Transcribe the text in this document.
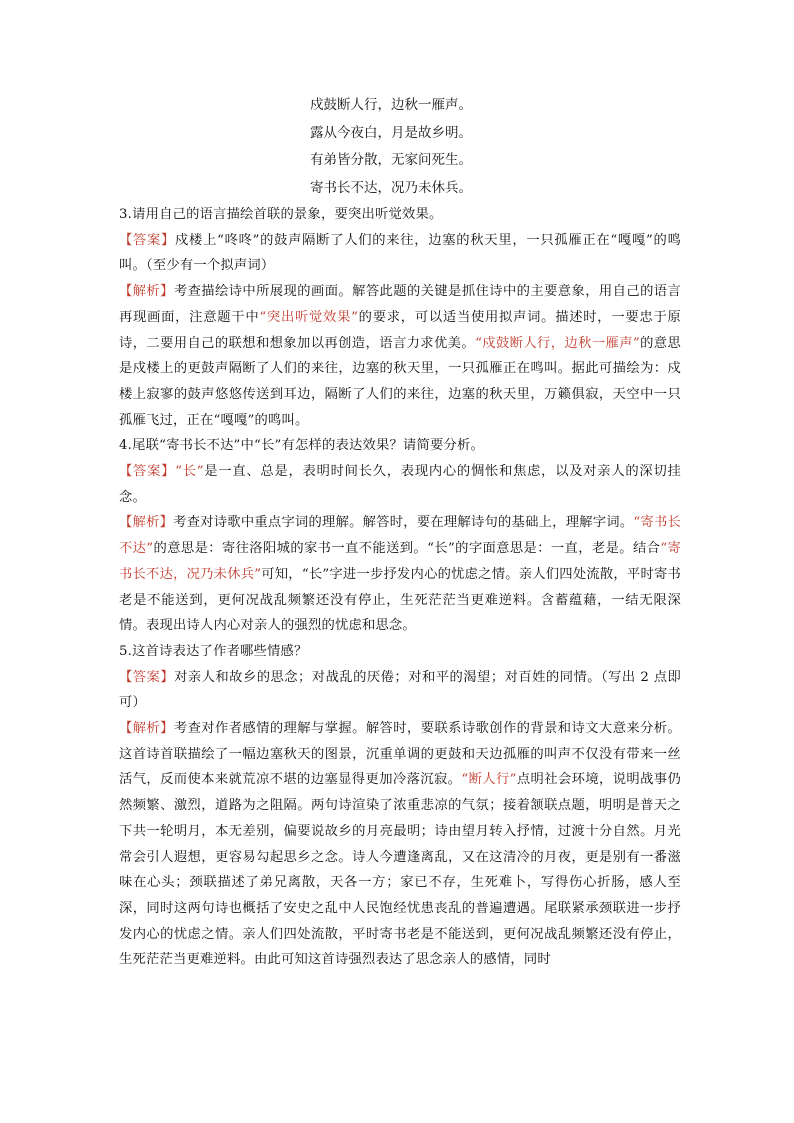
戍鼓断人行，边秋一雁声。
露从今夜白，月是故乡明。
有弟皆分散，无家问死生。
寄书长不达，况乃未休兵。
3.请用自己的语言描绘首联的景象，要突出听觉效果。
【答案】戍楼上“咚咚”的鼓声隔断了人们的来往，边塞的秋天里，一只孤雁正在“嘎嘎”的鸣叫。（至少有一个拟声词）
【解析】考查描绘诗中所展现的画面。解答此题的关键是抓住诗中的主要意象，用自己的语言再现画面，注意题干中“突出听觉效果”的要求，可以适当使用拟声词。描述时，一要忠于原诗，二要用自己的联想和想象加以再创造，语言力求优美。“戍鼓断人行，边秋一雁声”的意思是戍楼上的更鼓声隔断了人们的来往，边塞的秋天里，一只孤雁正在鸣叫。据此可描绘为：戍楼上寂寥的鼓声悠悠传送到耳边，隔断了人们的来往，边塞的秋天里，万籁俱寂，天空中一只孤雁飞过，正在“嘎嘎”的鸣叫。
4.尾联“寄书长不达”中“长”有怎样的表达效果？请简要分析。
【答案】“长”是一直、总是，表明时间长久，表现内心的惆怅和焦虑，以及对亲人的深切挂念。
【解析】考查对诗歌中重点字词的理解。解答时，要在理解诗句的基础上，理解字词。“寄书长不达”的意思是：寄往洛阳城的家书一直不能送到。“长”的字面意思是：一直，老是。结合“寄书长不达，况乃未休兵”可知，“长”字进一步抒发内心的忧虑之情。亲人们四处流散，平时寄书老是不能送到，更何况战乱频繁还没有停止，生死茫茫当更难逆料。含蓄蕴藉，一结无限深情。表现出诗人内心对亲人的强烈的忧虑和思念。
5.这首诗表达了作者哪些情感？
【答案】对亲人和故乡的思念；对战乱的厌倦；对和平的渴望；对百姓的同情。（写出 2 点即可）
【解析】考查对作者感情的理解与掌握。解答时，要联系诗歌创作的背景和诗文大意来分析。这首诗首联描绘了一幅边塞秋天的图景，沉重单调的更鼓和天边孤雁的叫声不仅没有带来一丝活气，反而使本来就荒凉不堪的边塞显得更加冷落沉寂。“断人行”点明社会环境，说明战事仍然频繁、激烈，道路为之阻隔。两句诗渲染了浓重悲凉的气氛；接着颔联点题，明明是普天之下共一轮明月，本无差别，偏要说故乡的月亮最明；诗由望月转入抒情，过渡十分自然。月光常会引人遐想，更容易勾起思乡之念。诗人今遭逢离乱，又在这清冷的月夜，更是别有一番滋味在心头；颈联描述了弟兄离散，天各一方；家已不存，生死难卜，写得伤心折肠，感人至深，同时这两句诗也概括了安史之乱中人民饱经忧患丧乱的普遍遭遇。尾联紧承颈联进一步抒发内心的忧虑之情。亲人们四处流散，平时寄书老是不能送到，更何况战乱频繁还没有停止，生死茫茫当更难逆料。由此可知这首诗强烈表达了思念亲人的感情，同时
